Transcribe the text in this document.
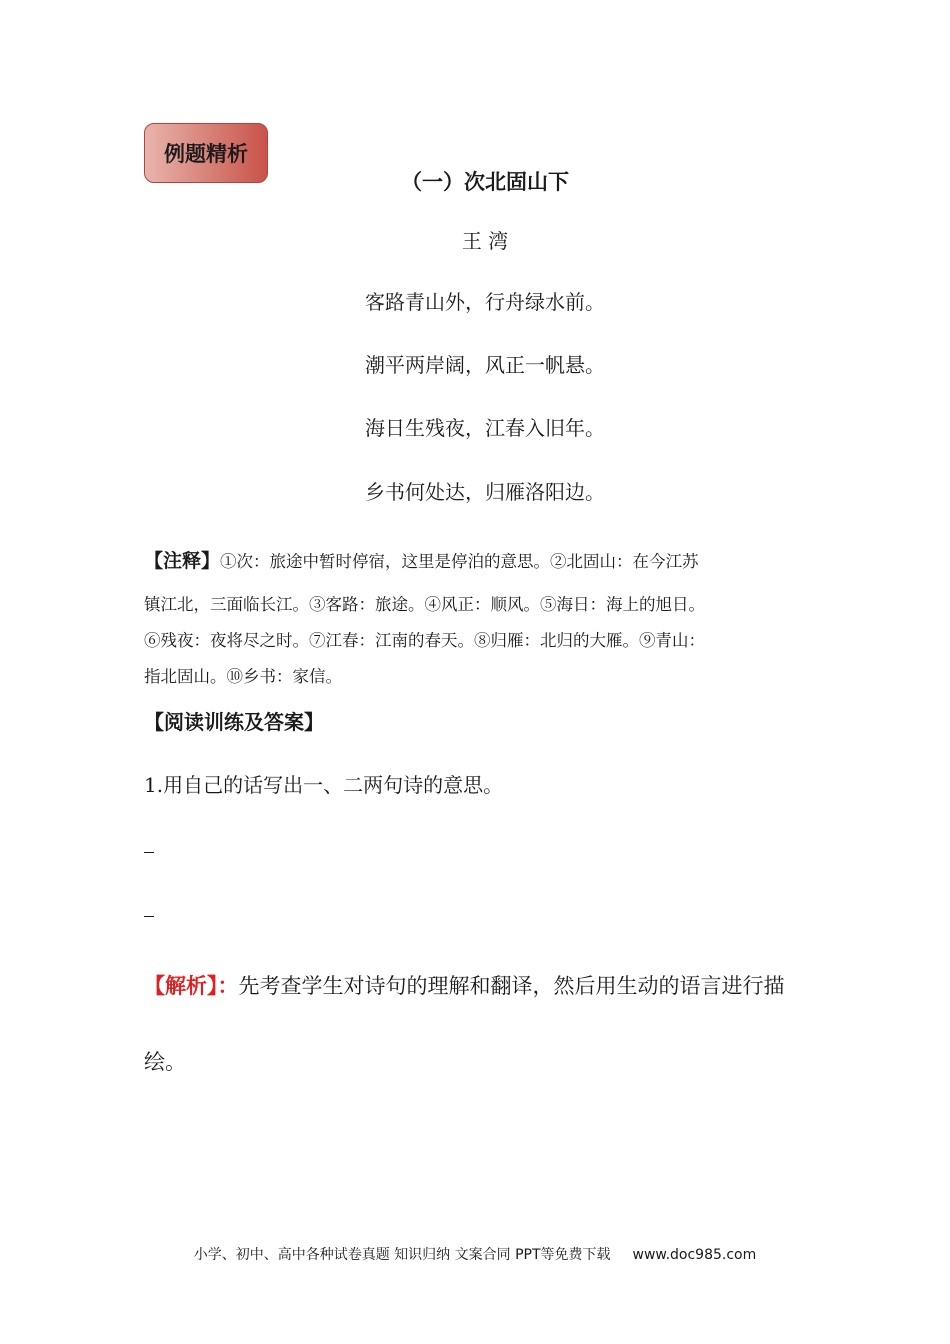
例题精析
（一）次北固山下
王 湾
客路青山外，行舟绿水前。
潮平两岸阔，风正一帆悬。
海日生残夜，江春入旧年。
乡书何处达，归雁洛阳边。
【注释】①次：旅途中暂时停宿，这里是停泊的意思。②北固山：在今江苏
镇江北，三面临长江。③客路：旅途。④风正：顺风。⑤海日：海上的旭日。
⑥残夜：夜将尽之时。⑦江春：江南的春天。⑧归雁：北归的大雁。⑨青山：
指北固山。⑩乡书：家信。
【阅读训练及答案】
1.用自己的话写出一、二两句诗的意思。
【解析】：先考查学生对诗句的理解和翻译，然后用生动的语言进行描绘。
小学、初中、高中各种试卷真题 知识归纳 文案合同 PPT等免费下载 www.doc985.com
